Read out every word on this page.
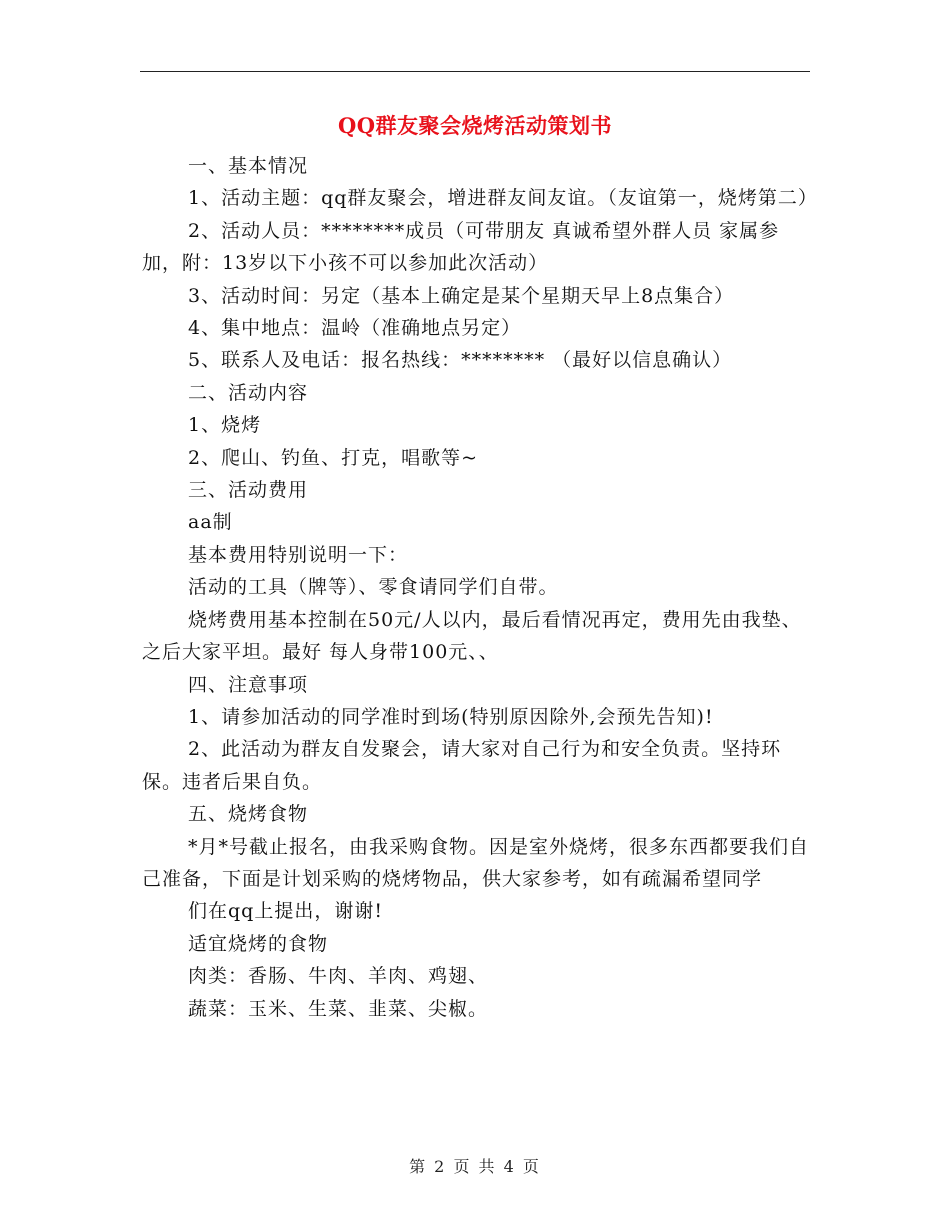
QQ群友聚会烧烤活动策划书

一、基本情况

1、活动主题：qq群友聚会，增进群友间友谊。（友谊第一，烧烤第二）

2、活动人员：********成员（可带朋友 真诚希望外群人员 家属参加，附：13岁以下小孩不可以参加此次活动）

3、活动时间：另定（基本上确定是某个星期天早上8点集合）

4、集中地点：温岭（准确地点另定）

5、联系人及电话：报名热线：******** （最好以信息确认）

二、活动内容

1、烧烤

2、爬山、钓鱼、打克，唱歌等~

三、活动费用

aa制

基本费用特别说明一下：

活动的工具（牌等）、零食请同学们自带。

烧烤费用基本控制在50元/人以内，最后看情况再定，费用先由我垫、之后大家平坦。最好 每人身带100元、、

四、注意事项

1、请参加活动的同学准时到场(特别原因除外,会预先告知)!

2、此活动为群友自发聚会，请大家对自己行为和安全负责。坚持环保。违者后果自负。

五、烧烤食物

*月*号截止报名，由我采购食物。因是室外烧烤，很多东西都要我们自己准备，下面是计划采购的烧烤物品，供大家参考，如有疏漏希望同学

们在qq上提出，谢谢!

适宜烧烤的食物

肉类：香肠、牛肉、羊肉、鸡翅、

蔬菜：玉米、生菜、韭菜、尖椒。

第 2 页 共 4 页
